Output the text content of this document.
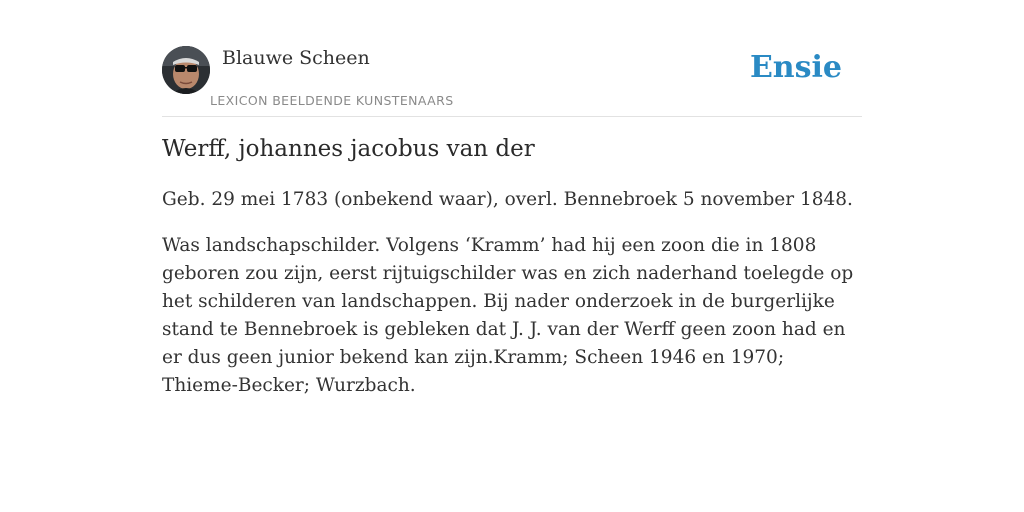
Blauwe Scheen
LEXICON BEELDENDE KUNSTENAARS
Ensie
Werff, johannes jacobus van der

Geb. 29 mei 1783 (onbekend waar), overl. Bennebroek 5 november 1848.

Was landschapschilder. Volgens ‘Kramm’ had hij een zoon die in 1808 geboren zou zijn, eerst rijtuigschilder was en zich naderhand toelegde op het schilderen van landschappen. Bij nader onderzoek in de burgerlijke stand te Bennebroek is gebleken dat J. J. van der Werff geen zoon had en er dus geen junior bekend kan zijn.Kramm; Scheen 1946 en 1970; Thieme-Becker; Wurzbach.
